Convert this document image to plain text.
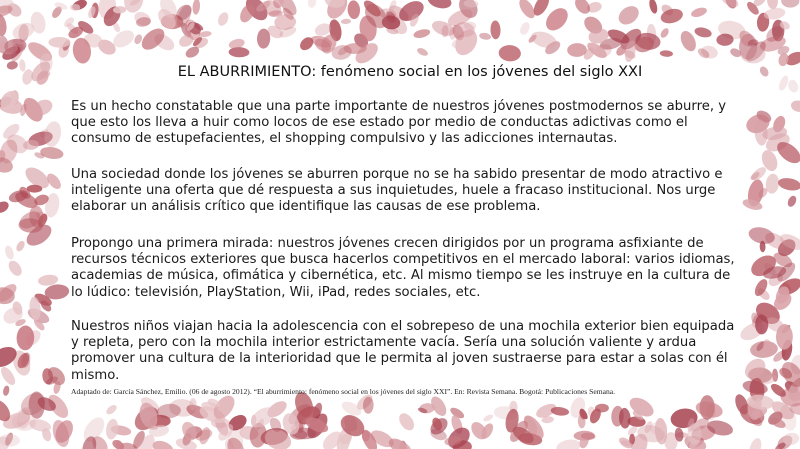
EL ABURRIMIENTO: fenómeno social en los jóvenes del siglo XXI

Es un hecho constatable que una parte importante de nuestros jóvenes postmodernos se aburre, y que esto los lleva a huir como locos de ese estado por medio de conductas adictivas como el consumo de estupefacientes, el shopping compulsivo y las adicciones internautas.

Una sociedad donde los jóvenes se aburren porque no se ha sabido presentar de modo atractivo e inteligente una oferta que dé respuesta a sus inquietudes, huele a fracaso institucional. Nos urge elaborar un análisis crítico que identifique las causas de ese problema.

Propongo una primera mirada: nuestros jóvenes crecen dirigidos por un programa asfixiante de recursos técnicos exteriores que busca hacerlos competitivos en el mercado laboral: varios idiomas, academias de música, ofimática y cibernética, etc. Al mismo tiempo se les instruye en la cultura de lo lúdico: televisión, PlayStation, Wii, iPad, redes sociales, etc.

Nuestros niños viajan hacia la adolescencia con el sobrepeso de una mochila exterior bien equipada y repleta, pero con la mochila interior estrictamente vacía. Sería una solución valiente y ardua promover una cultura de la interioridad que le permita al joven sustraerse para estar a solas con él mismo.

Adaptado de: García Sánchez, Emilio. (06 de agosto 2012). “El aburrimiento: fenómeno social en los jóvenes del siglo XXI”. En: Revista Semana. Bogotá: Publicaciones Semana.
